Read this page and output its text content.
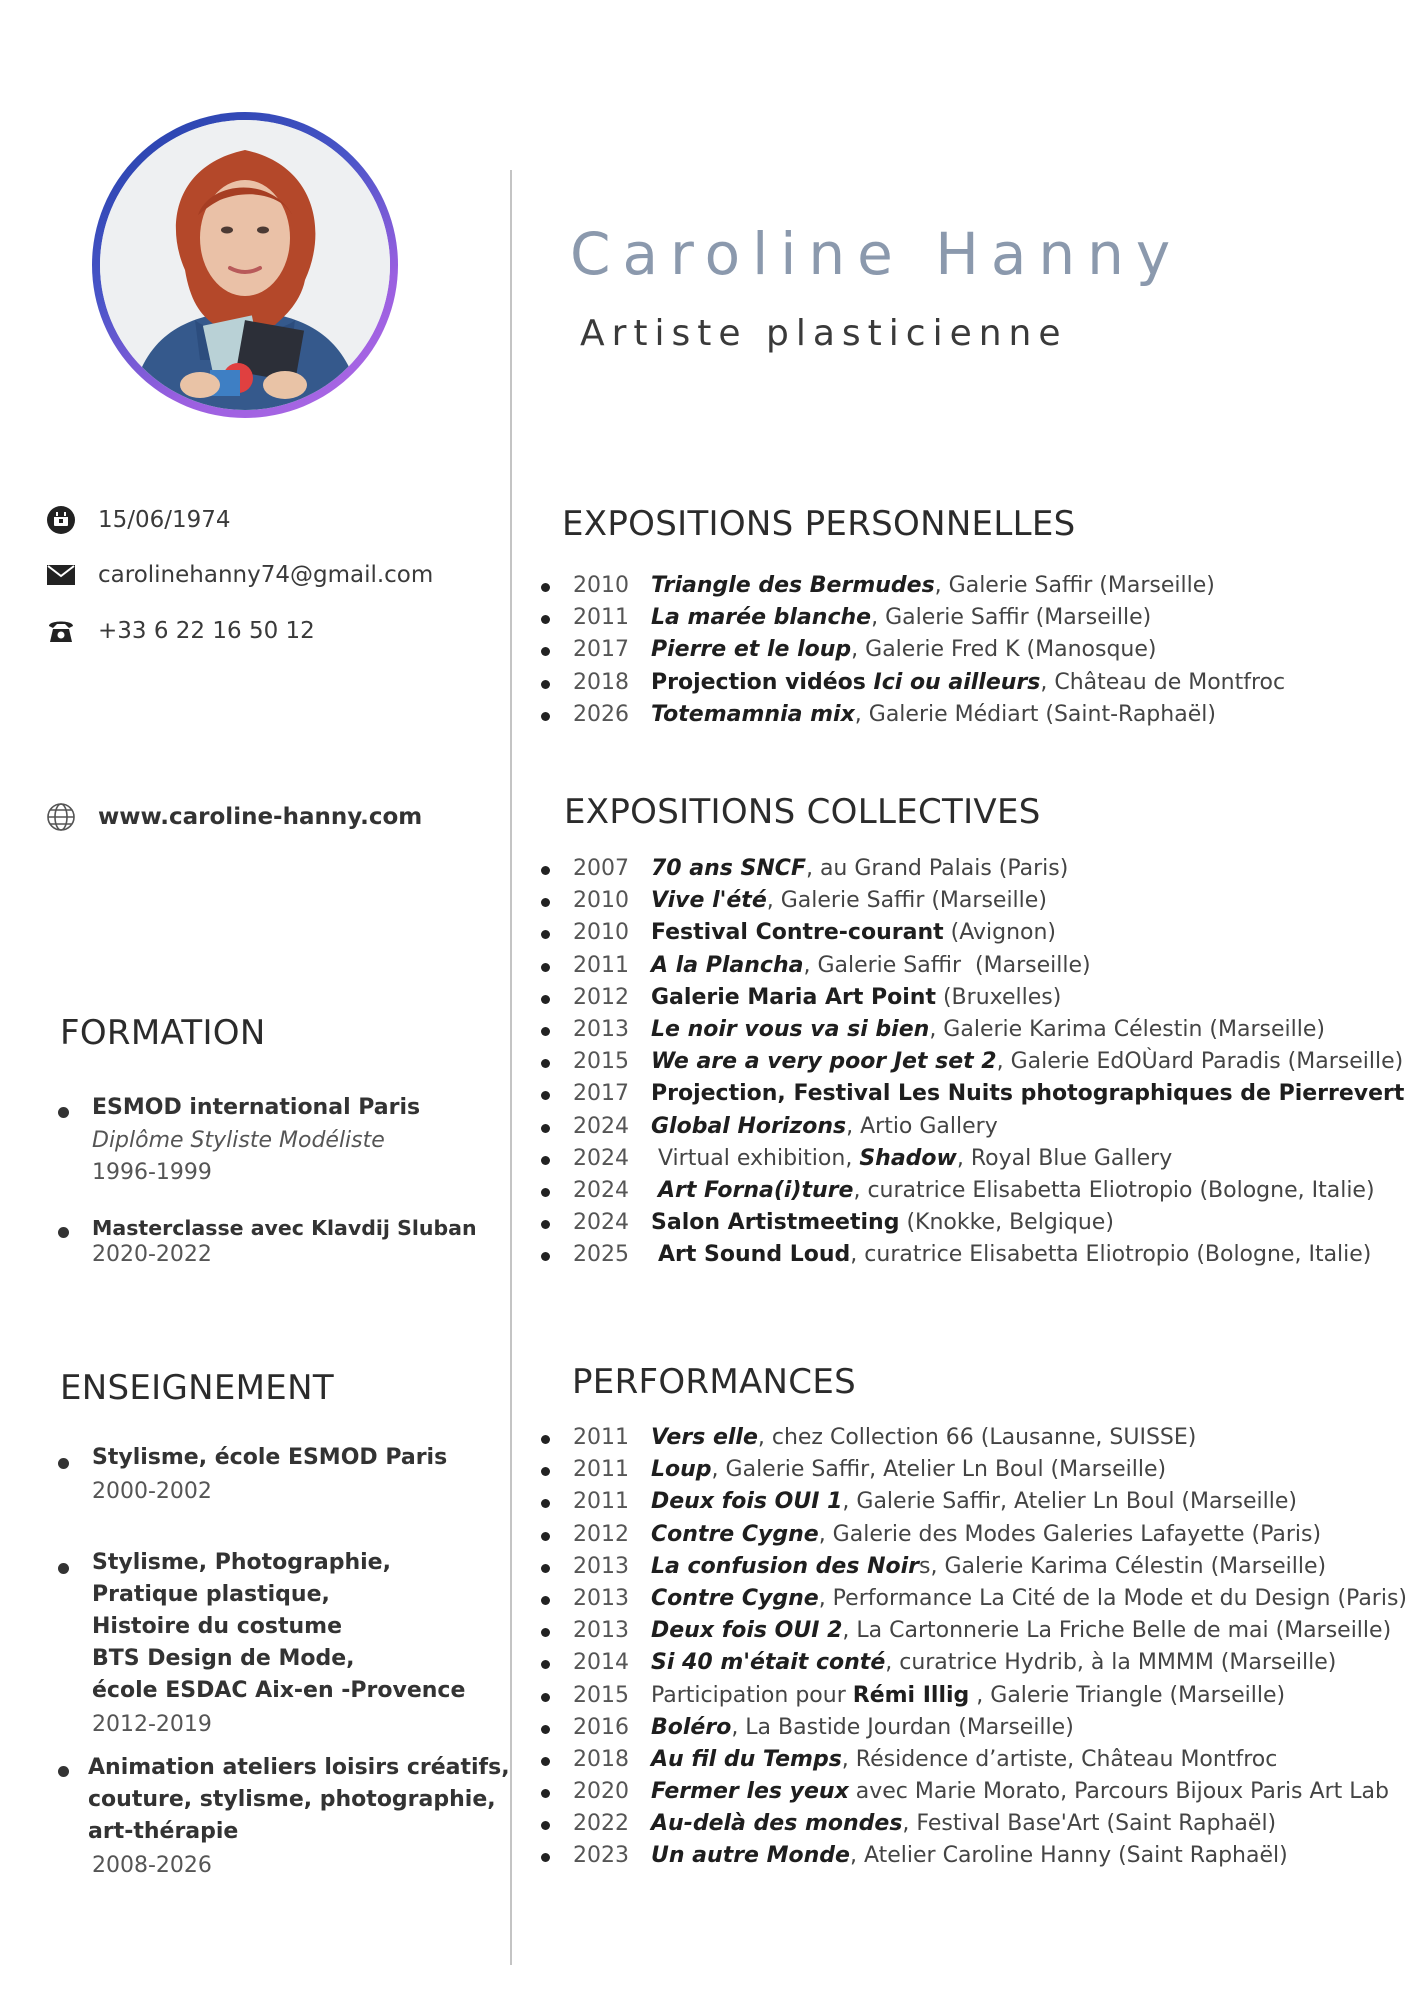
Caroline Hanny
Artiste plasticienne
15/06/1974
carolinehanny74@gmail.com
+33 6 22 16 50 12
www.caroline-hanny.com
FORMATION
ESMOD international Paris
Diplôme Styliste Modéliste
1996-1999
Masterclasse avec Klavdij Sluban
2020-2022
ENSEIGNEMENT
Stylisme, école ESMOD Paris
2000-2002
Stylisme, Photographie,
Pratique plastique,
Histoire du costume
BTS Design de Mode,
école ESDAC Aix-en -Provence
2012-2019
Animation ateliers loisirs créatifs,
couture, stylisme, photographie,
art-thérapie
2008-2026
EXPOSITIONS PERSONNELLES
2010 Triangle des Bermudes, Galerie Saffir (Marseille)
2011 La marée blanche, Galerie Saffir (Marseille)
2017 Pierre et le loup, Galerie Fred K (Manosque)
2018 Projection vidéos Ici ou ailleurs, Château de Montfroc
2026 Totemamnia mix, Galerie Médiart (Saint-Raphaël)
EXPOSITIONS COLLECTIVES
2007 70 ans SNCF, au Grand Palais (Paris)
2010 Vive l'été, Galerie Saffir (Marseille)
2010 Festival Contre-courant (Avignon)
2011 A la Plancha, Galerie Saffir  (Marseille)
2012 Galerie Maria Art Point (Bruxelles)
2013 Le noir vous va si bien, Galerie Karima Célestin (Marseille)
2015 We are a very poor Jet set 2, Galerie EdOÙard Paradis (Marseille)
2017 Projection, Festival Les Nuits photographiques de Pierrevert
2024 Global Horizons, Artio Gallery
2024 Virtual exhibition, Shadow, Royal Blue Gallery
2024 Art Forna(i)ture, curatrice Elisabetta Eliotropio (Bologne, Italie)
2024 Salon Artistmeeting (Knokke, Belgique)
2025 Art Sound Loud, curatrice Elisabetta Eliotropio (Bologne, Italie)
PERFORMANCES
2011 Vers elle, chez Collection 66 (Lausanne, SUISSE)
2011 Loup, Galerie Saffir, Atelier Ln Boul (Marseille)
2011 Deux fois OUI 1, Galerie Saffir, Atelier Ln Boul (Marseille)
2012 Contre Cygne, Galerie des Modes Galeries Lafayette (Paris)
2013 La confusion des Noirs, Galerie Karima Célestin (Marseille)
2013 Contre Cygne, Performance La Cité de la Mode et du Design (Paris)
2013 Deux fois OUI 2, La Cartonnerie La Friche Belle de mai (Marseille)
2014 Si 40 m'était conté, curatrice Hydrib, à la MMMM (Marseille)
2015 Participation pour Rémi Illig , Galerie Triangle (Marseille)
2016 Boléro, La Bastide Jourdan (Marseille)
2018 Au fil du Temps, Résidence d’artiste, Château Montfroc
2020 Fermer les yeux avec Marie Morato, Parcours Bijoux Paris Art Lab
2022 Au-delà des mondes, Festival Base'Art (Saint Raphaël)
2023 Un autre Monde, Atelier Caroline Hanny (Saint Raphaël)
